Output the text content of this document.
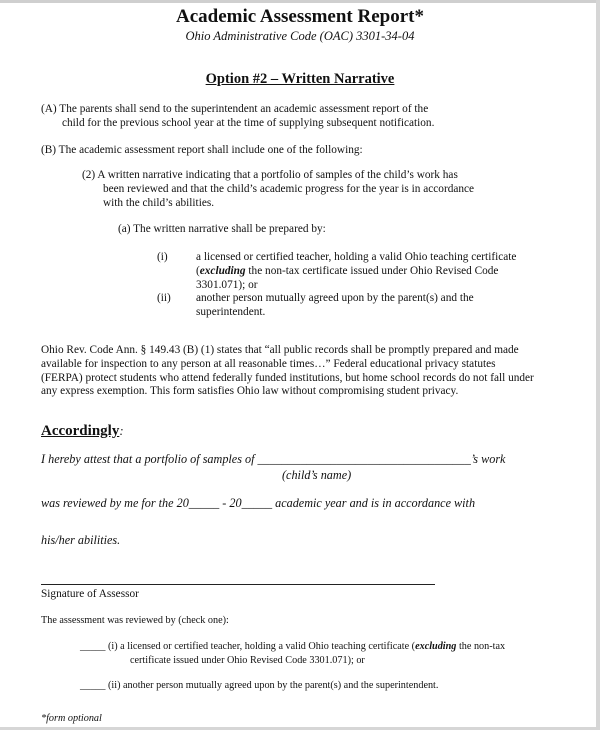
Academic Assessment Report*
Ohio Administrative Code (OAC) 3301-34-04
Option #2 – Written Narrative
(A) The parents shall send to the superintendent an academic assessment report of the
child for the previous school year at the time of supplying subsequent notification.
(B) The academic assessment report shall include one of the following:
(2) A written narrative indicating that a portfolio of samples of the child’s work has
been reviewed and that the child’s academic progress for the year is in accordance
with the child’s abilities.
(a) The written narrative shall be prepared by:
(i)	a licensed or certified teacher, holding a valid Ohio teaching certificate
(excluding the non-tax certificate issued under Ohio Revised Code
3301.071); or
(ii) another person mutually agreed upon by the parent(s) and the
superintendent.
Ohio Rev. Code Ann. § 149.43 (B) (1) states that “all public records shall be promptly prepared and made
available for inspection to any person at all reasonable times…” Federal educational privacy statutes
(FERPA) protect students who attend federally funded institutions, but home school records do not fall under
any express exemption. This form satisfies Ohio law without compromising student privacy.
Accordingly:
I hereby attest that a portfolio of samples of ___________________________________’s work
(child’s name)
was reviewed by me for the 20_____ - 20_____ academic year and is in accordance with
his/her abilities.
Signature of Assessor
The assessment was reviewed by (check one):
_____ (i) a licensed or certified teacher, holding a valid Ohio teaching certificate (excluding the non-tax
certificate issued under Ohio Revised Code 3301.071); or
_____ (ii) another person mutually agreed upon by the parent(s) and the superintendent.
*form optional
